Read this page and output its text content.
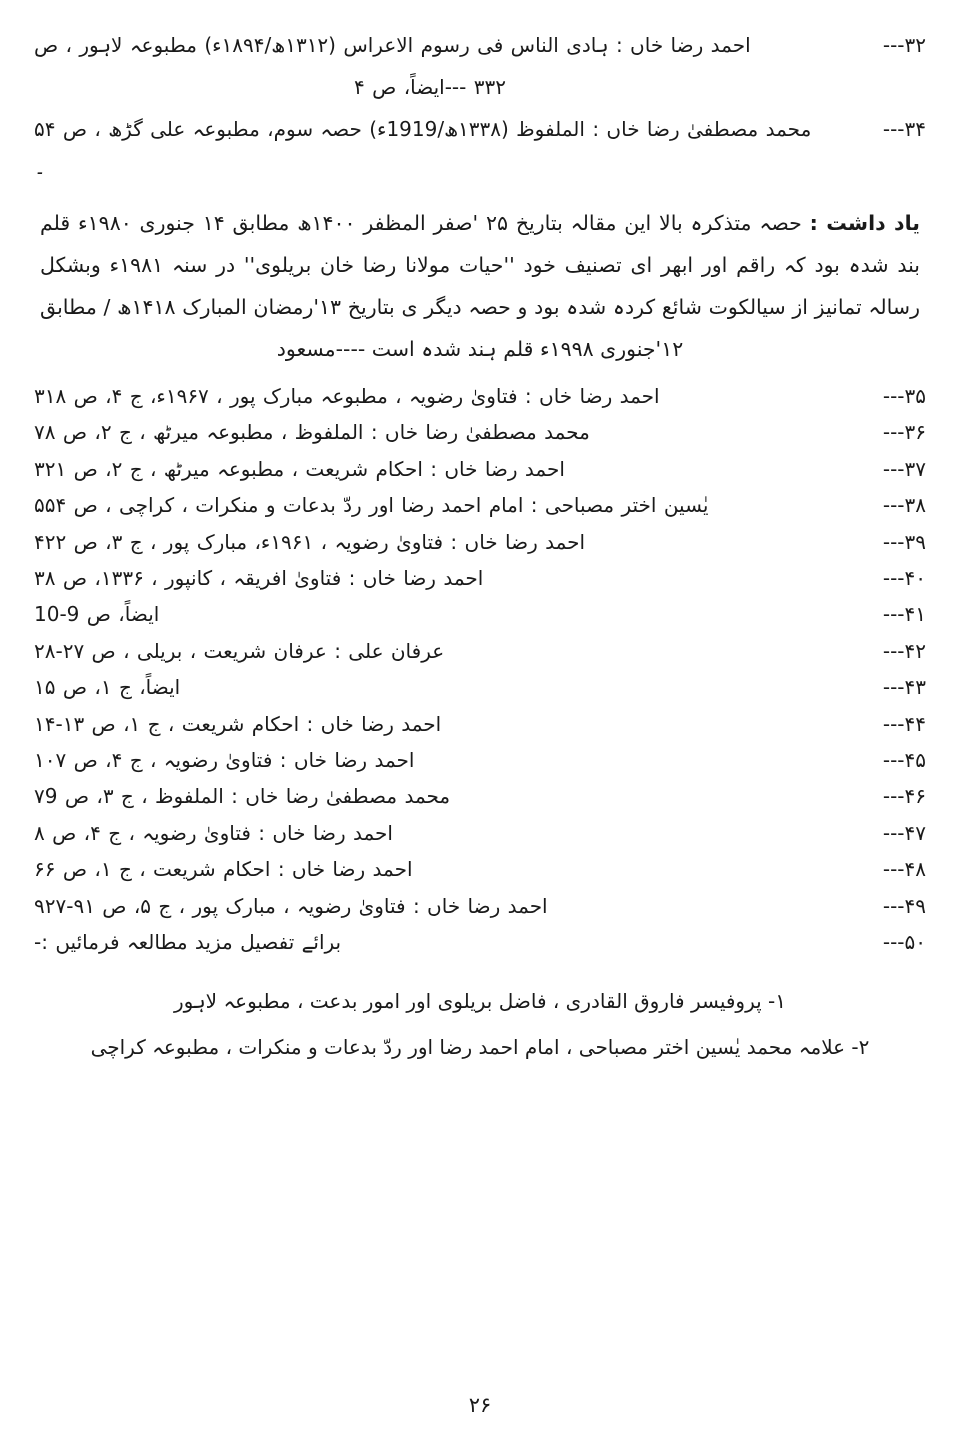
۳۲---
احمد رضا خاں : ہادی الناس فی رسوم الاعراس (۱۳۱۲ھ/۱۸۹۴ء) مطبوعہ لاہور ، ص
۳۳۲ ---ایضاً، ص ۴
۳۴---
محمد مصطفیٰ رضا خاں : الملفوظ (۱۳۳۸ھ/1919ء) حصہ سوم، مطبوعہ علی گڑھ ، ص ۵۴ ۔

یاد داشت : حصہ متذکرہ بالا این مقالہ بتاریخ ۲۵ 'صفر المظفر ۱۴۰۰ھ مطابق ۱۴ جنوری ۱۹۸۰ء قلم بند شدہ بود کہ راقم اور ابھر ای تصنیف خود ''حیات مولانا رضا خان بریلوی'' در سنہ ۱۹۸۱ء وبشکل رسالہ تمانیز از سیالکوت شائع کردہ شدہ بود و حصہ دیگر ی بتاریخ ۱۳'رمضان المبارک ۱۴۱۸ھ / مطابق ۱۲'جنوری ۱۹۹۸ء قلم ہند شدہ است ----مسعود

۳۵---
احمد رضا خاں : فتاویٰ رضویہ ، مطبوعہ مبارک پور ، ۱۹۶۷ء، ج ۴، ص ۳۱۸
۳۶---
محمد مصطفیٰ رضا خاں : الملفوظ ، مطبوعہ میرٹھ ، ج ۲، ص ۷۸
۳۷---
احمد رضا خاں : احکام شریعت ، مطبوعہ میرٹھ ، ج ۲، ص ۳۲۱
۳۸---
یٰسین اختر مصباحی : امام احمد رضا اور ردّ بدعات و منکرات ، کراچی ، ص ۵۵۴
۳۹---
احمد رضا خاں : فتاویٰ رضویہ ، ۱۹۶۱ء، مبارک پور ، ج ۳، ص ۴۲۲
۴۰---
احمد رضا خاں : فتاویٰ افریقہ ، کانپور ، ۱۳۳۶، ص ۳۸
۴۱---
ایضاً، ص 9-10
۴۲---
عرفان علی : عرفان شریعت ، بریلی ، ص ۲۷-۲۸
۴۳---
ایضاً، ج ۱، ص ۱۵
۴۴---
احمد رضا خاں : احکام شریعت ، ج ۱، ص ۱۳-۱۴
۴۵---
احمد رضا خاں : فتاویٰ رضویہ ، ج ۴، ص ۱۰۷
۴۶---
محمد مصطفیٰ رضا خاں : الملفوظ ، ج ۳، ص ۷9
۴۷---
احمد رضا خاں : فتاویٰ رضویہ ، ج ۴، ص ۸
۴۸---
احمد رضا خاں : احکام شریعت ، ج ۱، ص ۶۶
۴۹---
احمد رضا خاں : فتاویٰ رضویہ ، مبارک پور ، ج ۵، ص ۹۱-۹۲۷
۵۰---
برائے تفصیل مزید مطالعہ فرمائیں :-
۱- پروفیسر فاروق القادری ، فاضل بریلوی اور امور بدعت ، مطبوعہ لاہور
۲- علامہ محمد یٰسین اختر مصباحی ، امام احمد رضا اور ردّ بدعات و منکرات ، مطبوعہ کراچی
۲۶
